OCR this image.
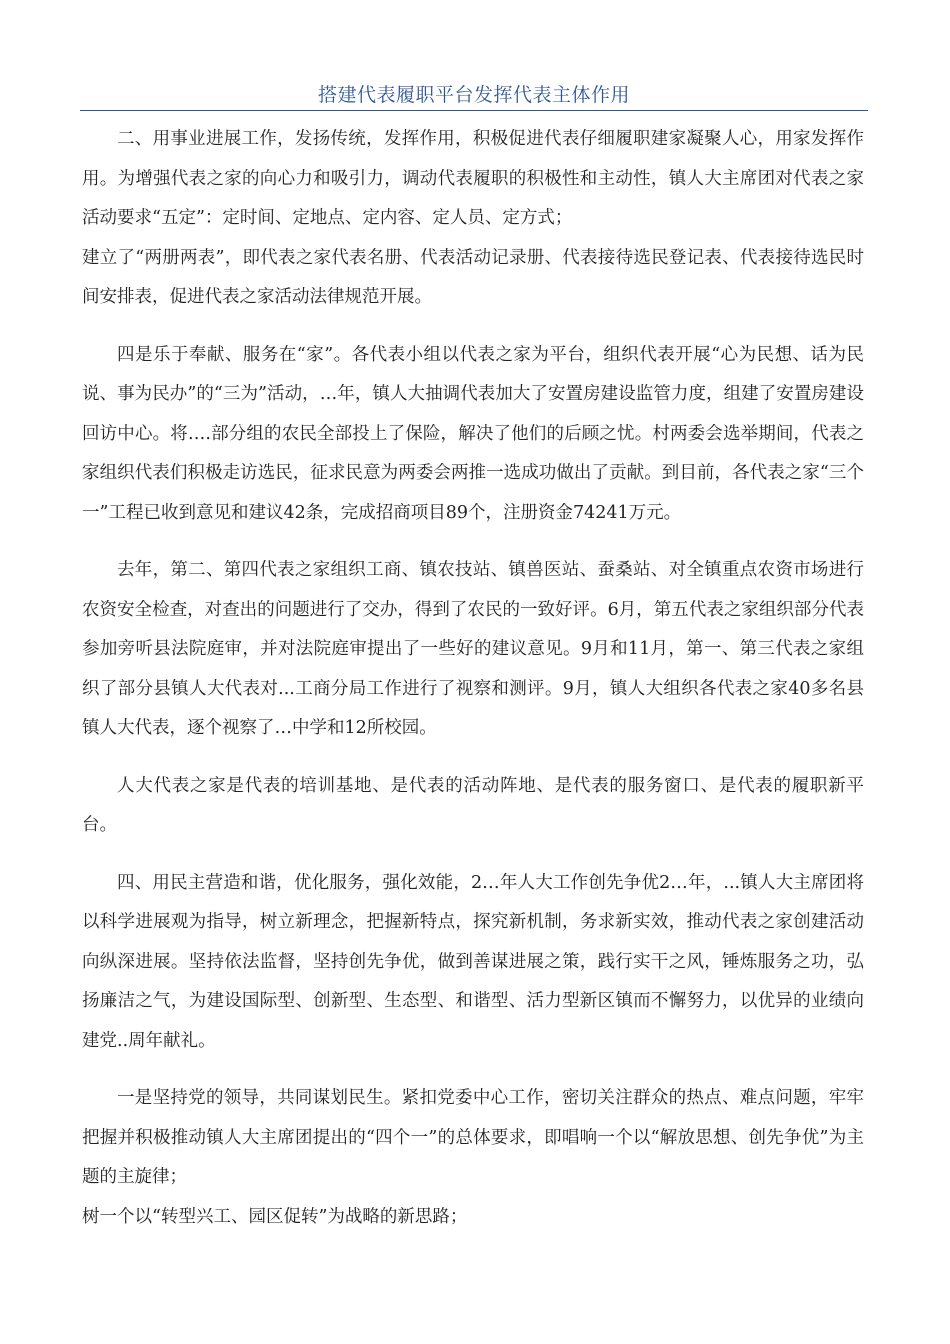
搭建代表履职平台发挥代表主体作用

二、用事业进展工作，发扬传统，发挥作用，积极促进代表仔细履职建家凝聚人心，用家发挥作用。为增强代表之家的向心力和吸引力，调动代表履职的积极性和主动性，镇人大主席团对代表之家活动要求“五定”：定时间、定地点、定内容、定人员、定方式；

建立了“两册两表”，即代表之家代表名册、代表活动记录册、代表接待选民登记表、代表接待选民时间安排表，促进代表之家活动法律规范开展。

四是乐于奉献、服务在“家”。各代表小组以代表之家为平台，组织代表开展“心为民想、话为民说、事为民办”的“三为”活动，…年，镇人大抽调代表加大了安置房建设监管力度，组建了安置房建设回访中心。将….部分组的农民全部投上了保险，解决了他们的后顾之忧。村两委会选举期间，代表之家组织代表们积极走访选民，征求民意为两委会两推一选成功做出了贡献。到目前，各代表之家“三个一”工程已收到意见和建议42条，完成招商项目89个，注册资金74241万元。

去年，第二、第四代表之家组织工商、镇农技站、镇兽医站、蚕桑站、对全镇重点农资市场进行农资安全检查，对查出的问题进行了交办，得到了农民的一致好评。6月，第五代表之家组织部分代表参加旁听县法院庭审，并对法院庭审提出了一些好的建议意见。9月和11月，第一、第三代表之家组织了部分县镇人大代表对...工商分局工作进行了视察和测评。9月，镇人大组织各代表之家40多名县镇人大代表，逐个视察了…中学和12所校园。

人大代表之家是代表的培训基地、是代表的活动阵地、是代表的服务窗口、是代表的履职新平台。

四、用民主营造和谐，优化服务，强化效能，2…年人大工作创先争优2…年，...镇人大主席团将以科学进展观为指导，树立新理念，把握新特点，探究新机制，务求新实效，推动代表之家创建活动向纵深进展。坚持依法监督，坚持创先争优，做到善谋进展之策，践行实干之风，锤炼服务之功，弘扬廉洁之气，为建设国际型、创新型、生态型、和谐型、活力型新区镇而不懈努力，以优异的业绩向建党..周年献礼。

一是坚持党的领导，共同谋划民生。紧扣党委中心工作，密切关注群众的热点、难点问题，牢牢把握并积极推动镇人大主席团提出的“四个一”的总体要求，即唱响一个以“解放思想、创先争优”为主题的主旋律；

树一个以“转型兴工、园区促转”为战略的新思路；
